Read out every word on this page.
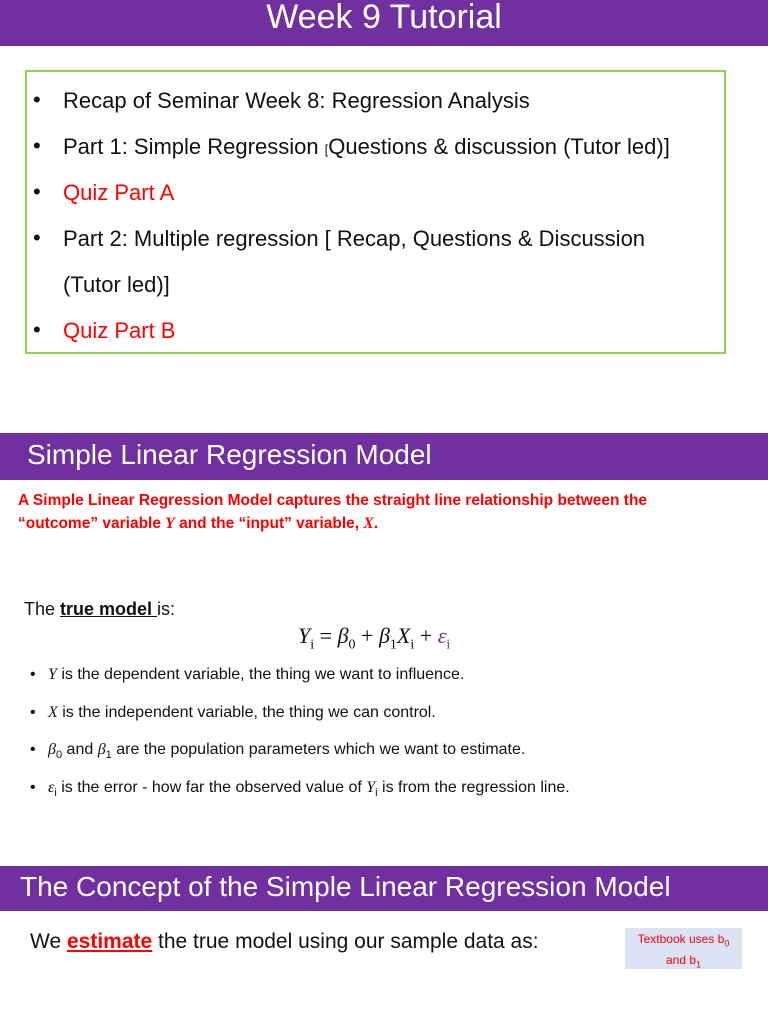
Week 9 Tutorial
•	Recap of Seminar Week 8: Regression Analysis
•	Part 1: Simple Regression [Questions & discussion (Tutor led)]
•	Quiz Part A
•	Part 2: Multiple regression [ Recap, Questions & Discussion
(Tutor led)]
•	Quiz Part B
Simple Linear Regression Model
A Simple Linear Regression Model captures the straight line relationship between the
“outcome” variable Y and the “input” variable, X.
The true model is:
$Y_i = \beta_0 + \beta_1X_i + \varepsilon_i$
• Y is the dependent variable, the thing we want to influence.
• X is the independent variable, the thing we can control.
• $\beta_0$ and $\beta_1$ are the population parameters which we want to estimate.
• $\varepsilon_i$ is the error - how far the observed value of $Y_i$ is from the regression line.
The Concept of the Simple Linear Regression Model
We estimate the true model using our sample data as:	Textbook uses $b_0$
and $b_1$
